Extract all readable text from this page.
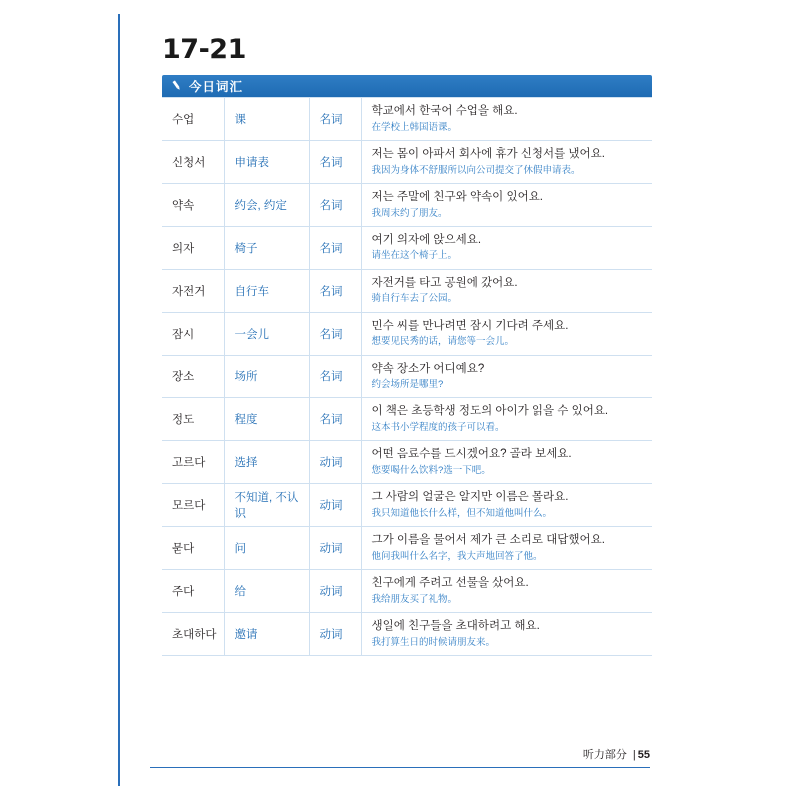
17-21
今日词汇
수업	课	名词	학교에서 한국어 수업을 해요.
在学校上韩国语课。

신청서	申请表	名词	저는 몸이 아파서 회사에 휴가 신청서를 냈어요.
我因为身体不舒服所以向公司提交了休假申请表。

약속	约会, 约定	名词	저는 주말에 친구와 약속이 있어요.
我周末约了朋友。

의자	椅子	名词	여기 의자에 앉으세요.
请坐在这个椅子上。

자전거	自行车	名词	자전거를 타고 공원에 갔어요.
骑自行车去了公园。

잠시	一会儿	名词	민수 씨를 만나려면 잠시 기다려 주세요.
想要见民秀的话，请您等一会儿。

장소	场所	名词	약속 장소가 어디예요?
约会场所是哪里?

정도	程度	名词	이 책은 초등학생 정도의 아이가 읽을 수 있어요.
这本书小学程度的孩子可以看。

고르다	选择	动词	어떤 음료수를 드시겠어요? 골라 보세요.
您要喝什么饮料?选一下吧。

모르다	不知道, 不认识	动词	그 사람의 얼굴은 알지만 이름은 몰라요.
我只知道他长什么样，但不知道他叫什么。

묻다	问	动词	그가 이름을 물어서 제가 큰 소리로 대답했어요.
他问我叫什么名字，我大声地回答了他。

주다	给	动词	친구에게 주려고 선물을 샀어요.
我给朋友买了礼物。

초대하다	邀请	动词	생일에 친구들을 초대하려고 해요.
我打算生日的时候请朋友来。
听力部分 | 55
